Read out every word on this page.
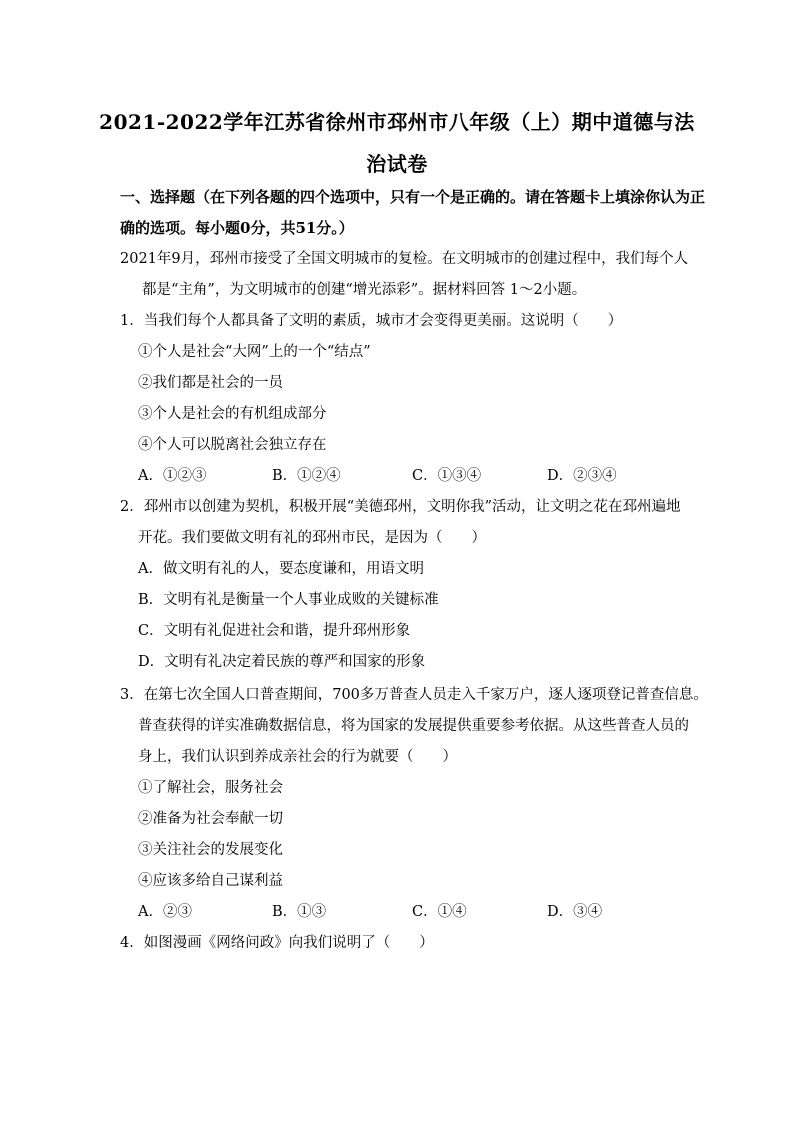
2021-2022学年江苏省徐州市邳州市八年级（上）期中道德与法
治试卷
一、选择题（在下列各题的四个选项中，只有一个是正确的。请在答题卡上填涂你认为正
确的选项。每小题0分，共51分。）
2021年9月，邳州市接受了全国文明城市的复检。在文明城市的创建过程中，我们每个人
都是“主角”，为文明城市的创建“增光添彩”。据材料回答 1～2小题。
1．当我们每个人都具备了文明的素质，城市才会变得更美丽。这说明（　　）
①个人是社会“大网”上的一个“结点”
②我们都是社会的一员
③个人是社会的有机组成部分
④个人可以脱离社会独立存在
A．①②③	B．①②④	C．①③④	D．②③④
2．邳州市以创建为契机，积极开展“美德邳州，文明你我”活动，让文明之花在邳州遍地
开花。我们要做文明有礼的邳州市民，是因为（　　）
A．做文明有礼的人，要态度谦和，用语文明
B．文明有礼是衡量一个人事业成败的关键标准
C．文明有礼促进社会和谐，提升邳州形象
D．文明有礼决定着民族的尊严和国家的形象
3．在第七次全国人口普查期间，700多万普查人员走入千家万户，逐人逐项登记普查信息。
普查获得的详实准确数据信息，将为国家的发展提供重要参考依据。从这些普查人员的
身上，我们认识到养成亲社会的行为就要（　　）
①了解社会，服务社会
②准备为社会奉献一切
③关注社会的发展变化
④应该多给自己谋利益
A．②③	B．①③	C．①④	D．③④
4．如图漫画《网络问政》向我们说明了（　　）
